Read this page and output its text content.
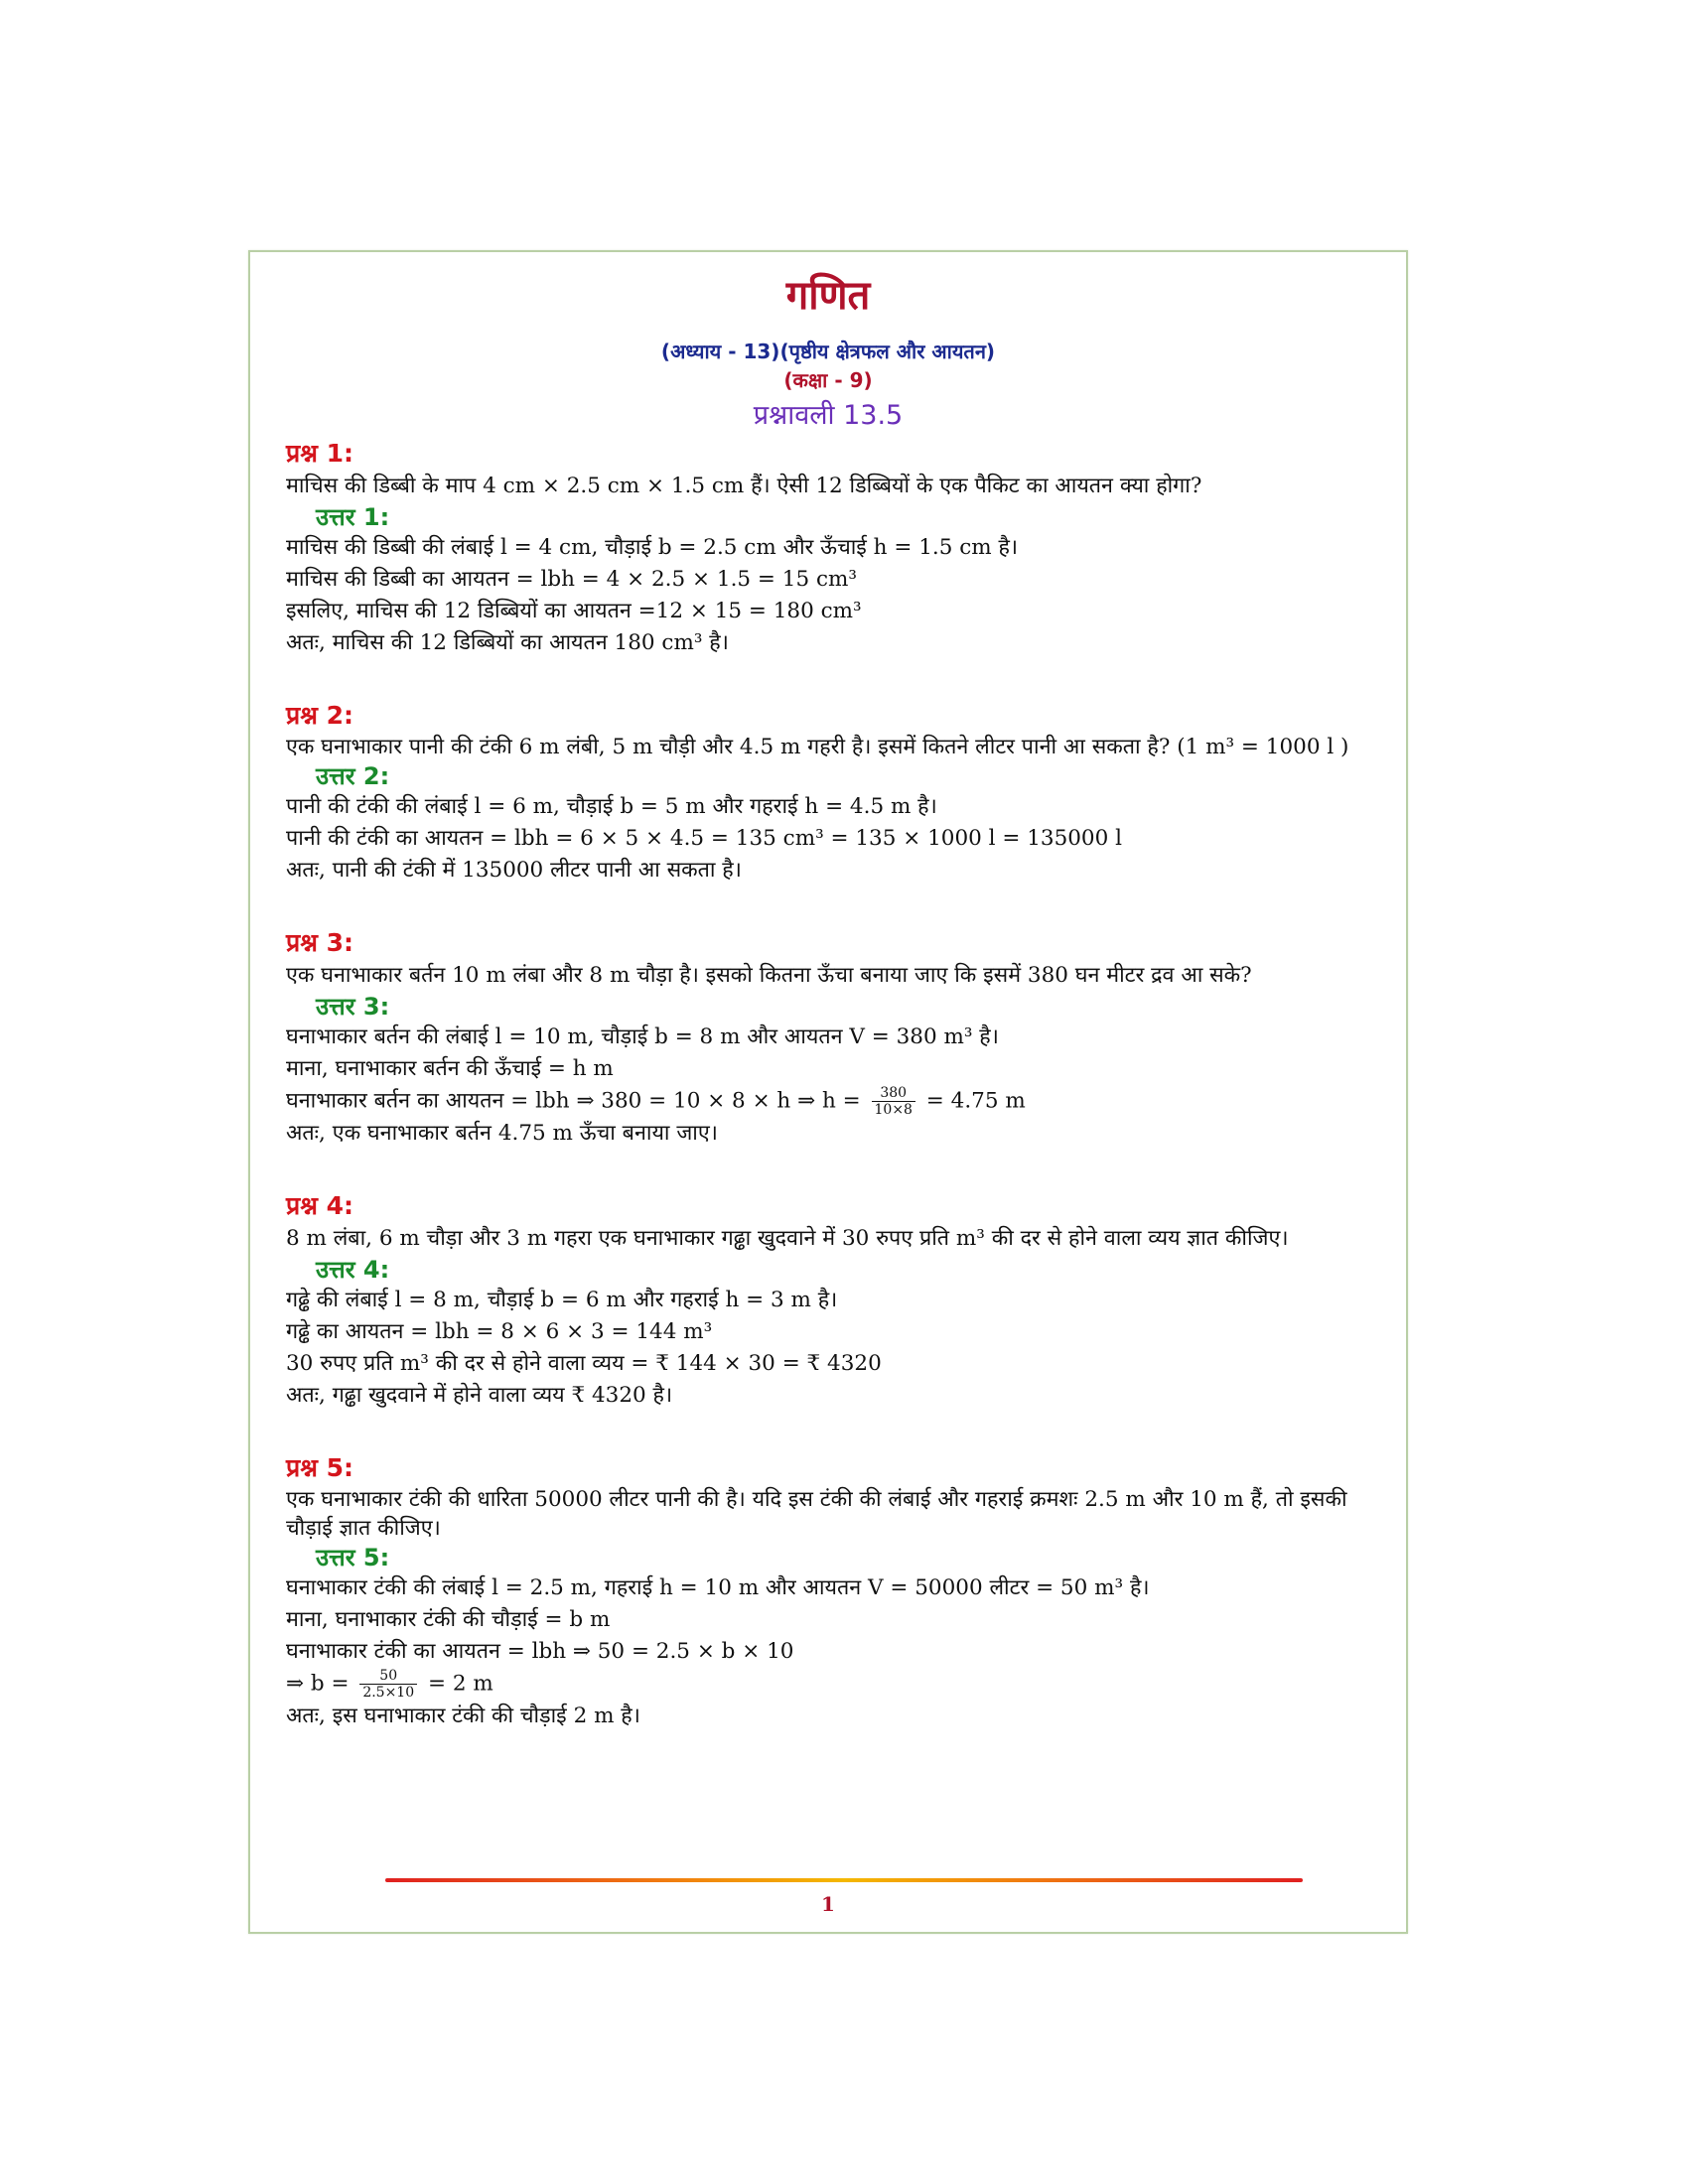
गणित
(अध्याय - 13)(पृष्ठीय क्षेत्रफल और आयतन)
(कक्षा - 9)
प्रश्नावली 13.5

प्रश्न 1:

माचिस की डिब्बी के माप 4 cm × 2.5 cm × 1.5 cm हैं। ऐसी 12 डिब्बियों के एक पैकिट का आयतन क्या होगा?

उत्तर 1:

माचिस की डिब्बी की लंबाई l = 4 cm, चौड़ाई b = 2.5 cm और ऊँचाई h = 1.5 cm है।

माचिस की डिब्बी का आयतन = lbh = 4 × 2.5 × 1.5 = 15 cm³

इसलिए, माचिस की 12 डिब्बियों का आयतन =12 × 15 = 180 cm³

अतः, माचिस की 12 डिब्बियों का आयतन 180 cm³ है।

प्रश्न 2:

एक घनाभाकार पानी की टंकी 6 m लंबी, 5 m चौड़ी और 4.5 m गहरी है। इसमें कितने लीटर पानी आ सकता है? (1 m³ = 1000 l )

उत्तर 2:

पानी की टंकी की लंबाई l = 6 m, चौड़ाई b = 5 m और गहराई h = 4.5 m है।

पानी की टंकी का आयतन = lbh = 6 × 5 × 4.5 = 135 cm³ = 135 × 1000 l = 135000 l

अतः, पानी की टंकी में 135000 लीटर पानी आ सकता है।

प्रश्न 3:

एक घनाभाकार बर्तन 10 m लंबा और 8 m चौड़ा है। इसको कितना ऊँचा बनाया जाए कि इसमें 380 घन मीटर द्रव आ सके?

उत्तर 3:

घनाभाकार बर्तन की लंबाई l = 10 m, चौड़ाई b = 8 m और आयतन V = 380 m³ है।

माना, घनाभाकार बर्तन की ऊँचाई = h m

घनाभाकार बर्तन का आयतन = lbh ⇒ 380 = 10 × 8 × h ⇒ $h = \frac{380}{10\times 8} = 4.75$ m

अतः, एक घनाभाकार बर्तन 4.75 m ऊँचा बनाया जाए।

प्रश्न 4:

8 m लंबा, 6 m चौड़ा और 3 m गहरा एक घनाभाकार गढ्ढा खुदवाने में 30 रुपए प्रति m³ की दर से होने वाला व्यय ज्ञात कीजिए।

उत्तर 4:

गढ्ढे की लंबाई l = 8 m, चौड़ाई b = 6 m और गहराई h = 3 m है।

गढ्ढे का आयतन = lbh = 8 × 6 × 3 = 144 m³

30 रुपए प्रति m³ की दर से होने वाला व्यय = ₹ 144 × 30 = ₹ 4320

अतः, गढ्ढा खुदवाने में होने वाला व्यय ₹ 4320 है।

प्रश्न 5:

एक घनाभाकार टंकी की धारिता 50000 लीटर पानी की है। यदि इस टंकी की लंबाई और गहराई क्रमशः 2.5 m और 10 m हैं, तो इसकी चौड़ाई ज्ञात कीजिए।

उत्तर 5:

घनाभाकार टंकी की लंबाई l = 2.5 m, गहराई h = 10 m और आयतन V = 50000 लीटर = 50 m³ है।

माना, घनाभाकार टंकी की चौड़ाई = b m

घनाभाकार टंकी का आयतन = lbh ⇒ 50 = 2.5 × b × 10

⇒ $b = \frac{50}{2.5\times 10} = 2$ m

अतः, इस घनाभाकार टंकी की चौड़ाई 2 m है।

1
